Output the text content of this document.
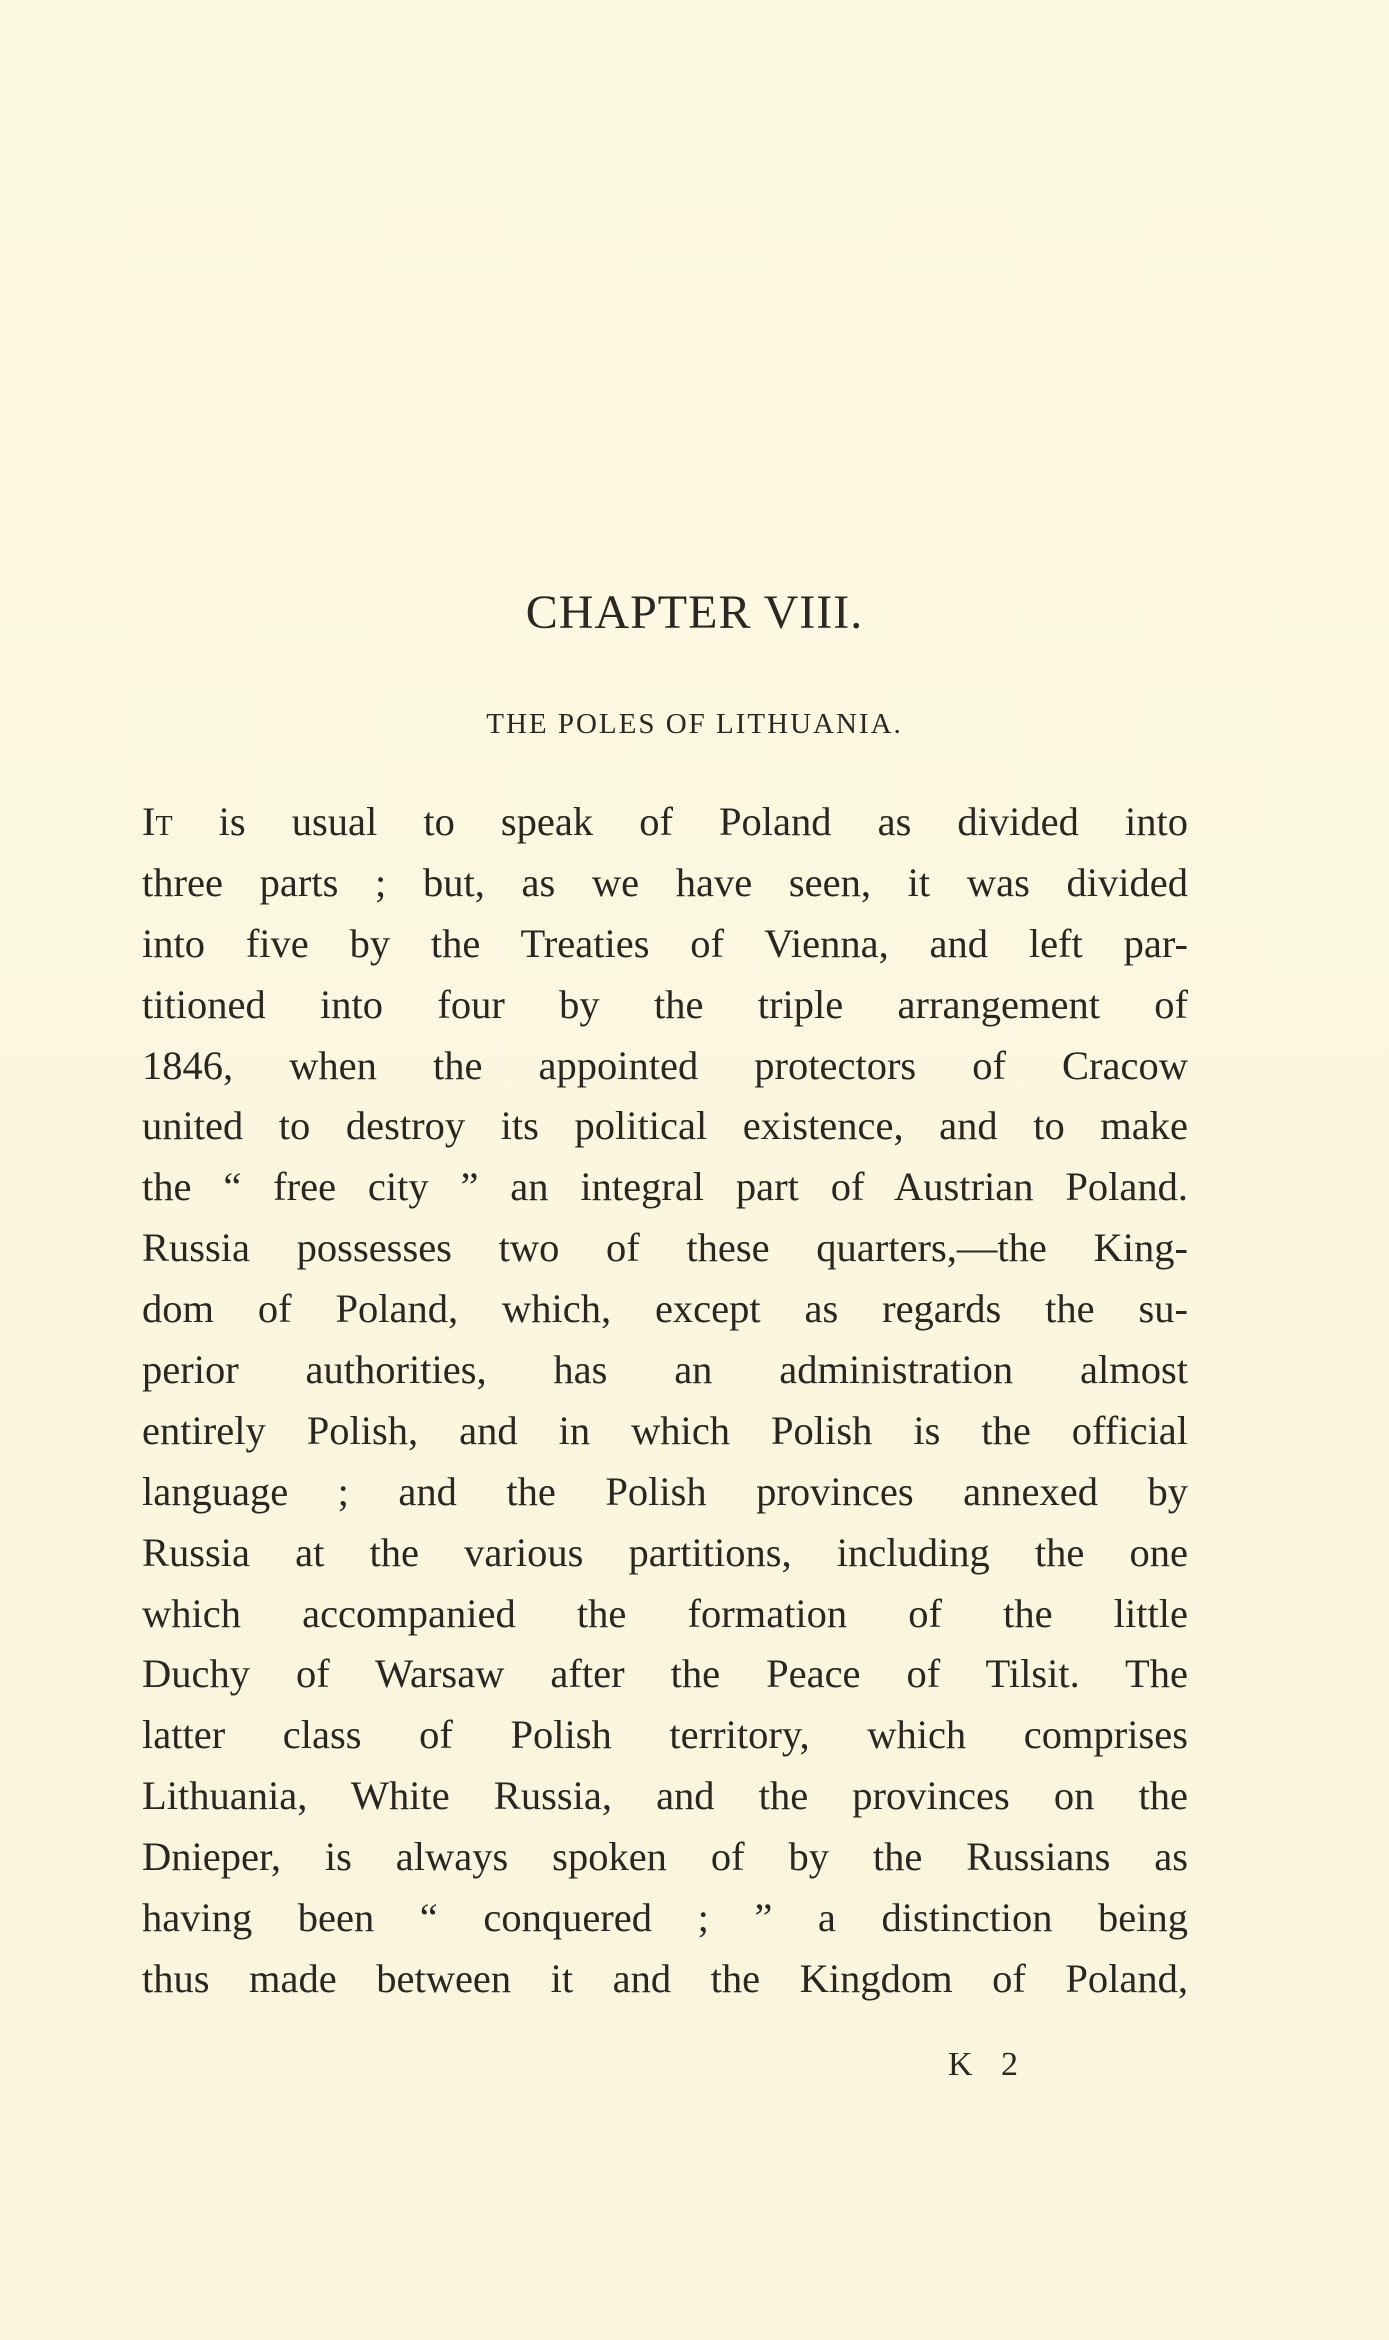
CHAPTER VIII.
THE POLES OF LITHUANIA.
It is usual to speak of Poland as divided into
three parts ; but, as we have seen, it was divided
into five by the Treaties of Vienna, and left par-
titioned into four by the triple arrangement of
1846, when the appointed protectors of Cracow
united to destroy its political existence, and to make
the “ free city ” an integral part of Austrian Poland.
Russia possesses two of these quarters,—the King-
dom of Poland, which, except as regards the su-
perior authorities, has an administration almost
entirely Polish, and in which Polish is the official
language ; and the Polish provinces annexed by
Russia at the various partitions, including the one
which accompanied the formation of the little
Duchy of Warsaw after the Peace of Tilsit. The
latter class of Polish territory, which comprises
Lithuania, White Russia, and the provinces on the
Dnieper, is always spoken of by the Russians as
having been “ conquered ; ” a distinction being
thus made between it and the Kingdom of Poland,
K 2
